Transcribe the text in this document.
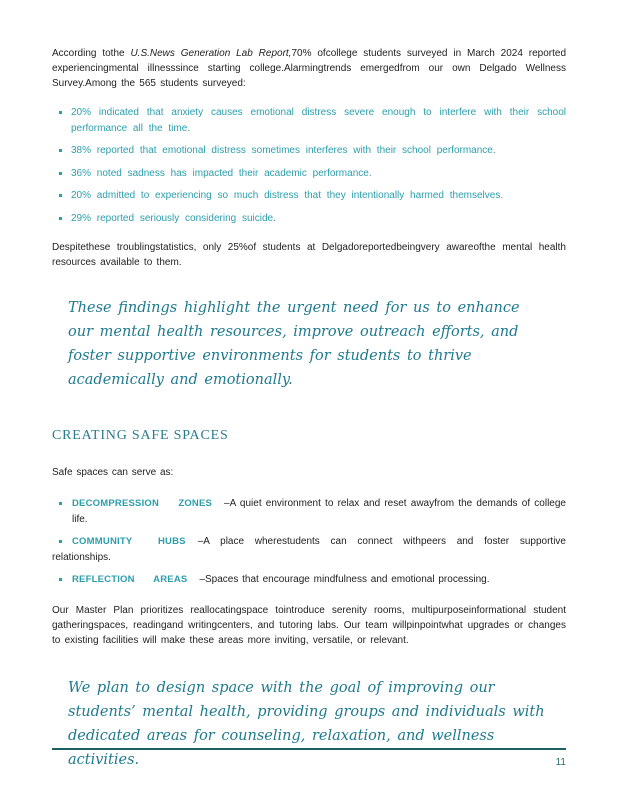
According tothe U.S.News Generation Lab Report,70% ofcollege students surveyed in March 2024 reported experiencingmental illnesssince starting college.Alarmingtrends emergedfrom our own Delgado Wellness Survey.Among the 565 students surveyed:

20% indicated that anxiety causes emotional distress severe enough to interfere with their school performance all the time.
38% reported that emotional distress sometimes interferes with their school performance.
36% noted sadness has impacted their academic performance.
20% admitted to experiencing so much distress that they intentionally harmed themselves.
29% reported seriously considering suicide.

Despitethese troublingstatistics, only 25%of students at Delgadoreportedbeingvery awareofthe mental health resources available to them.

These findings highlight the urgent need for us to enhance our mental health resources, improve outreach efforts, and foster supportive environments for students to thrive academically and emotionally.
CREATING SAFE SPACES

Safe spaces can serve as:

DECOMPRESSION ZONES –A quiet environment to relax and reset awayfrom the demands of college life.
COMMUNITY HUBS –A place wherestudents can connect withpeers and foster supportive relationships.
REFLECTION AREAS –Spaces that encourage mindfulness and emotional processing.

Our Master Plan prioritizes reallocatingspace tointroduce serenity rooms, multipurposeinformational student gatheringspaces, readingand writingcenters, and tutoring labs. Our team willpinpointwhat upgrades or changes to existing facilities will make these areas more inviting, versatile, or relevant.

We plan to design space with the goal of improving our students’ mental health, providing groups and individuals with dedicated areas for counseling, relaxation, and wellness activities.	11
